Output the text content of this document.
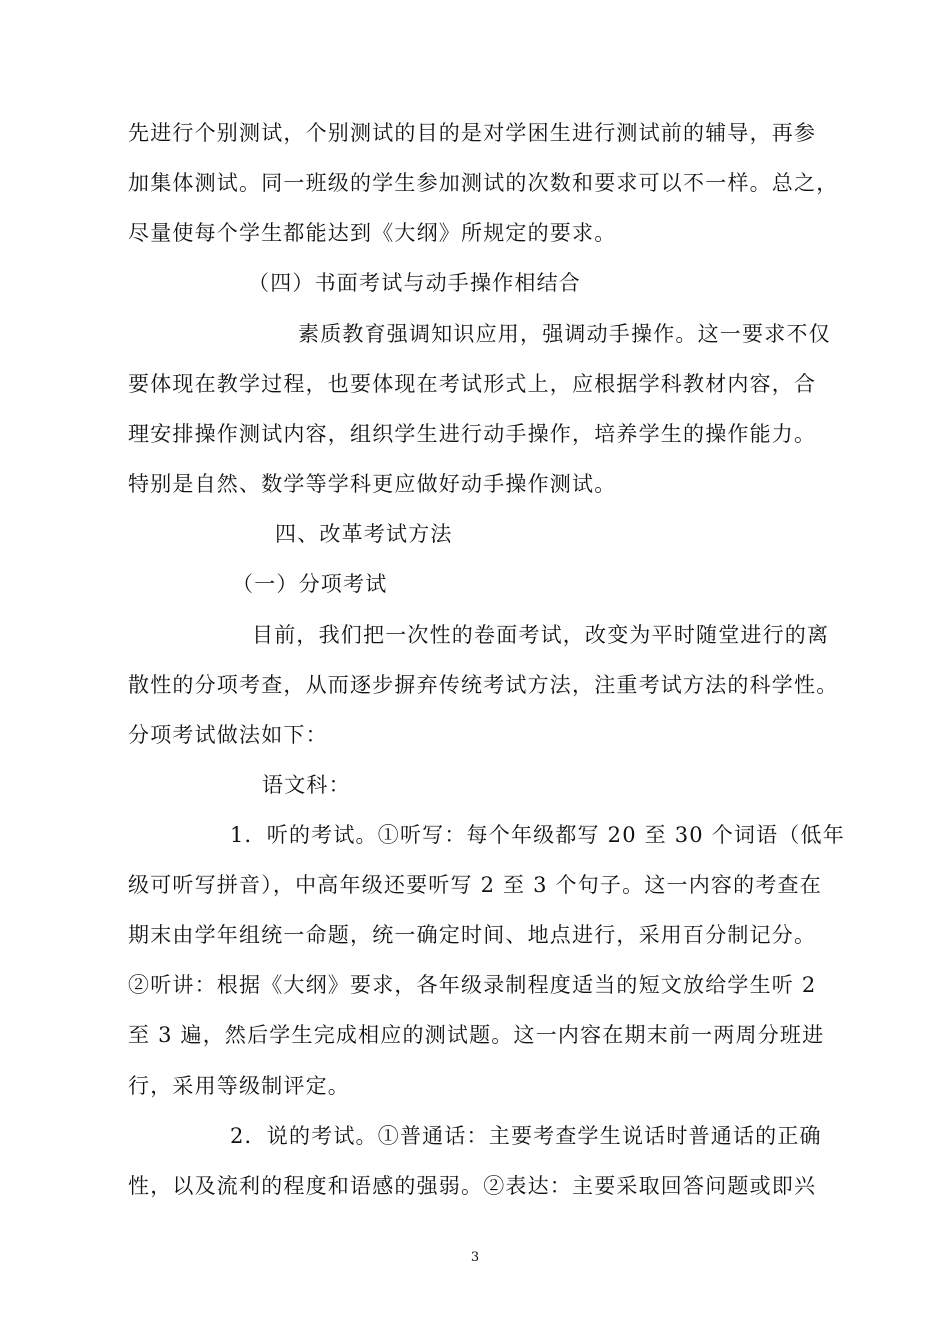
先进行个别测试，个别测试的目的是对学困生进行测试前的辅导，再参
加集体测试。同一班级的学生参加测试的次数和要求可以不一样。总之，
尽量使每个学生都能达到《大纲》所规定的要求。
（四）书面考试与动手操作相结合
素质教育强调知识应用，强调动手操作。这一要求不仅
要体现在教学过程，也要体现在考试形式上，应根据学科教材内容，合
理安排操作测试内容，组织学生进行动手操作，培养学生的操作能力。
特别是自然、数学等学科更应做好动手操作测试。
四、改革考试方法
（一）分项考试
目前，我们把一次性的卷面考试，改变为平时随堂进行的离
散性的分项考查，从而逐步摒弃传统考试方法，注重考试方法的科学性。
分项考试做法如下：
语文科：
1．听的考试。①听写：每个年级都写 20 至 30 个词语（低年
级可听写拼音），中高年级还要听写 2 至 3 个句子。这一内容的考查在
期末由学年组统一命题，统一确定时间、地点进行，采用百分制记分。
②听讲：根据《大纲》要求，各年级录制程度适当的短文放给学生听 2
至 3 遍，然后学生完成相应的测试题。这一内容在期末前一两周分班进
行，采用等级制评定。
2．说的考试。①普通话：主要考查学生说话时普通话的正确
性，以及流利的程度和语感的强弱。②表达：主要采取回答问题或即兴
3
